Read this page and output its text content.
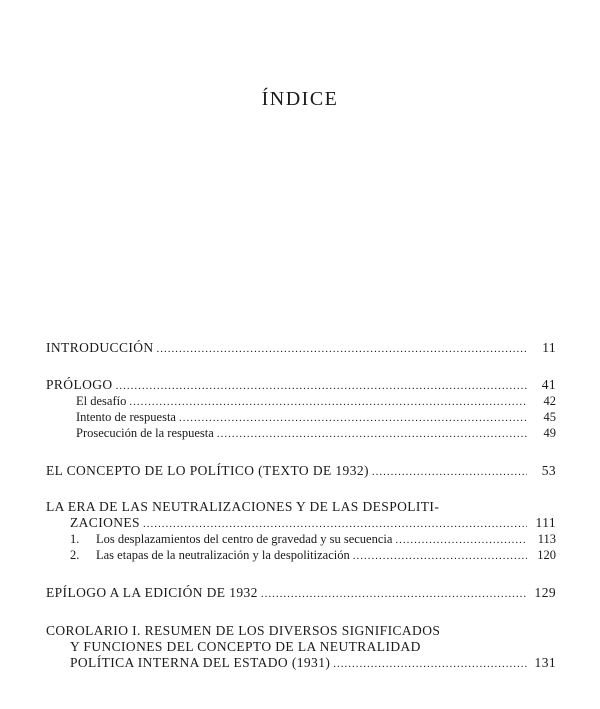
ÍNDICE
INTRODUCCIÓN .....	11
PRÓLOGO .....	41
El desafío .....	42
Intento de respuesta .....	45
Prosecución de la respuesta .....	49
EL CONCEPTO DE LO POLÍTICO (TEXTO DE 1932) .....	53
LA ERA DE LAS NEUTRALIZACIONES Y DE LAS DESPOLITI-
ZACIONES .....	111
1. Los desplazamientos del centro de gravedad y su secuencia .....	113
2. Las etapas de la neutralización y la despolitización .....	120
EPÍLOGO A LA EDICIÓN DE 1932 .....	129
COROLARIO I. RESUMEN DE LOS DIVERSOS SIGNIFICADOS
Y FUNCIONES DEL CONCEPTO DE LA NEUTRALIDAD
POLÍTICA INTERNA DEL ESTADO (1931) .....	131
